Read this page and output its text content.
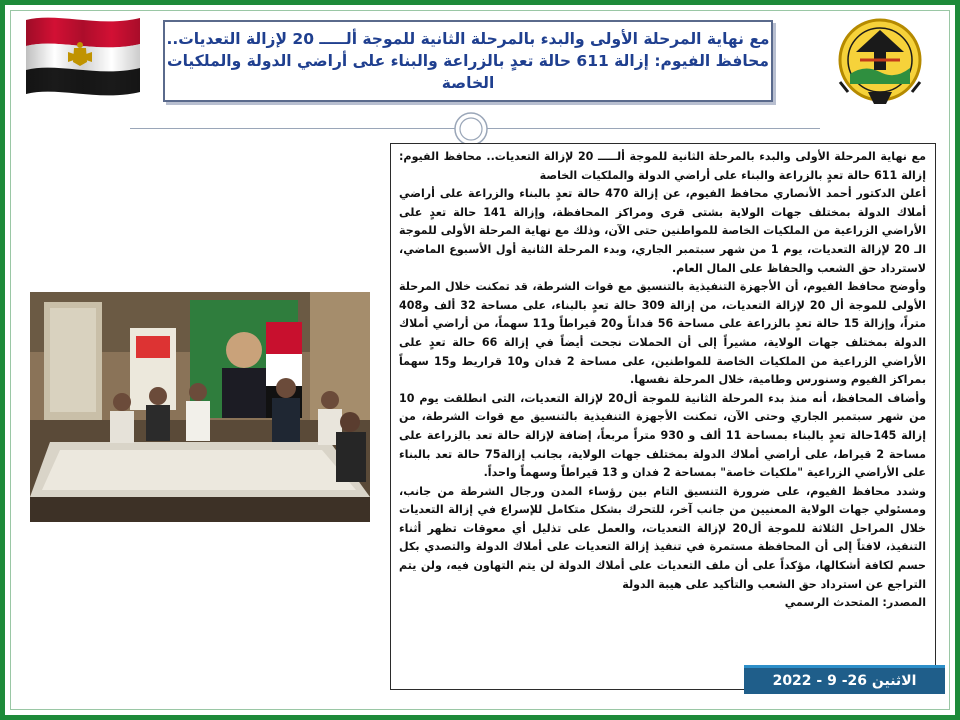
مع نهاية المرحلة الأولى والبدء بالمرحلة الثانية للموجة ألـــــ 20 لإزالة التعديات..
محافظ الفيوم: إزالة 611 حالة تعدٍ بالزراعة والبناء على أراضي الدولة والملكيات
الخاصة

مع نهاية المرحلة الأولى والبدء بالمرحلة الثانية للموجة ألـــــ 20 لإزالة التعديات.. محافظ الفيوم: إزالة 611 حالة تعدٍ بالزراعة والبناء على أراضي الدولة والملكيات الخاصة

أعلن الدكتور أحمد الأنصاري محافظ الفيوم، عن إزالة 470 حالة تعدٍ بالبناء والزراعة على أراضي أملاك الدولة بمختلف جهات الولاية بشتى قرى ومراكز المحافظة، وإزالة 141 حالة تعدٍ على الأراضي الزراعية من الملكيات الخاصة للمواطنين حتى الآن، وذلك مع نهاية المرحلة الأولى للموجة الـ 20 لإزالة التعديات، يوم 1 من شهر سبتمبر الجاري، وبدء المرحلة الثانية أول الأسبوع الماضي، لاسترداد حق الشعب والحفاظ على المال العام.

وأوضح محافظ الفيوم، أن الأجهزة التنفيذية بالتنسيق مع قوات الشرطة، قد تمكنت خلال المرحلة الأولى للموجة أل 20 لإزالة التعديات، من إزالة 309 حالة تعدٍ بالبناء، على مساحة 32 ألف و408 متراً، وإزالة 15 حالة تعدٍ بالزراعة على مساحة 56 فداناً و20 قيراطاً و11 سهماً، من أراضي أملاك الدولة بمختلف جهات الولاية، مشيراً إلى أن الحملات نجحت أيضاً في إزالة 66 حالة تعدٍ على الأراضي الزراعية من الملكيات الخاصة للمواطنين، على مساحة 2 فدان و10 قراريط و15 سهماً بمراكز الفيوم وسنورس وطامية، خلال المرحلة نفسها.

وأضاف المحافظ، أنه منذ بدء المرحلة الثانية للموجة أل20 لإزالة التعديات، التى انطلقت يوم 10 من شهر سبتمبر الجاري وحتى الآن، تمكنت الأجهزة التنفيذية بالتنسيق مع قوات الشرطة، من إزالة 145حالة تعدٍ بالبناء بمساحة 11 ألف و 930 متراً مربعاً، إضافة لإزالة حالة تعد بالزراعة على مساحة 2 قيراط، على أراضي أملاك الدولة بمختلف جهات الولاية، بجانب إزالة75 حالة تعد بالبناء على الأراضي الزراعية "ملكيات خاصة" بمساحة 2 فدان و 13 قيراطاً وسهماً واحداً.

وشدد محافظ الفيوم، على ضرورة التنسيق التام بين رؤساء المدن ورجال الشرطة من جانب، ومسئولي جهات الولاية المعنيين من جانب آخر، للتحرك بشكل متكامل للإسراع في إزالة التعديات خلال المراحل الثلاثة للموجة أل20 لإزالة التعديات، والعمل على تذليل أي معوقات تظهر أثناء التنفيذ، لافتاً إلى أن المحافظة مستمرة في تنفيذ إزالة التعديات على أملاك الدولة والتصدي بكل حسم لكافة أشكالها، مؤكداً على أن ملف التعديات على أملاك الدولة لن يتم التهاون فيه، ولن يتم التراجع عن استرداد حق الشعب والتأكيد على هيبة الدولة

المصدر: المتحدث الرسمي

الاثنين 26- 9 - 2022
